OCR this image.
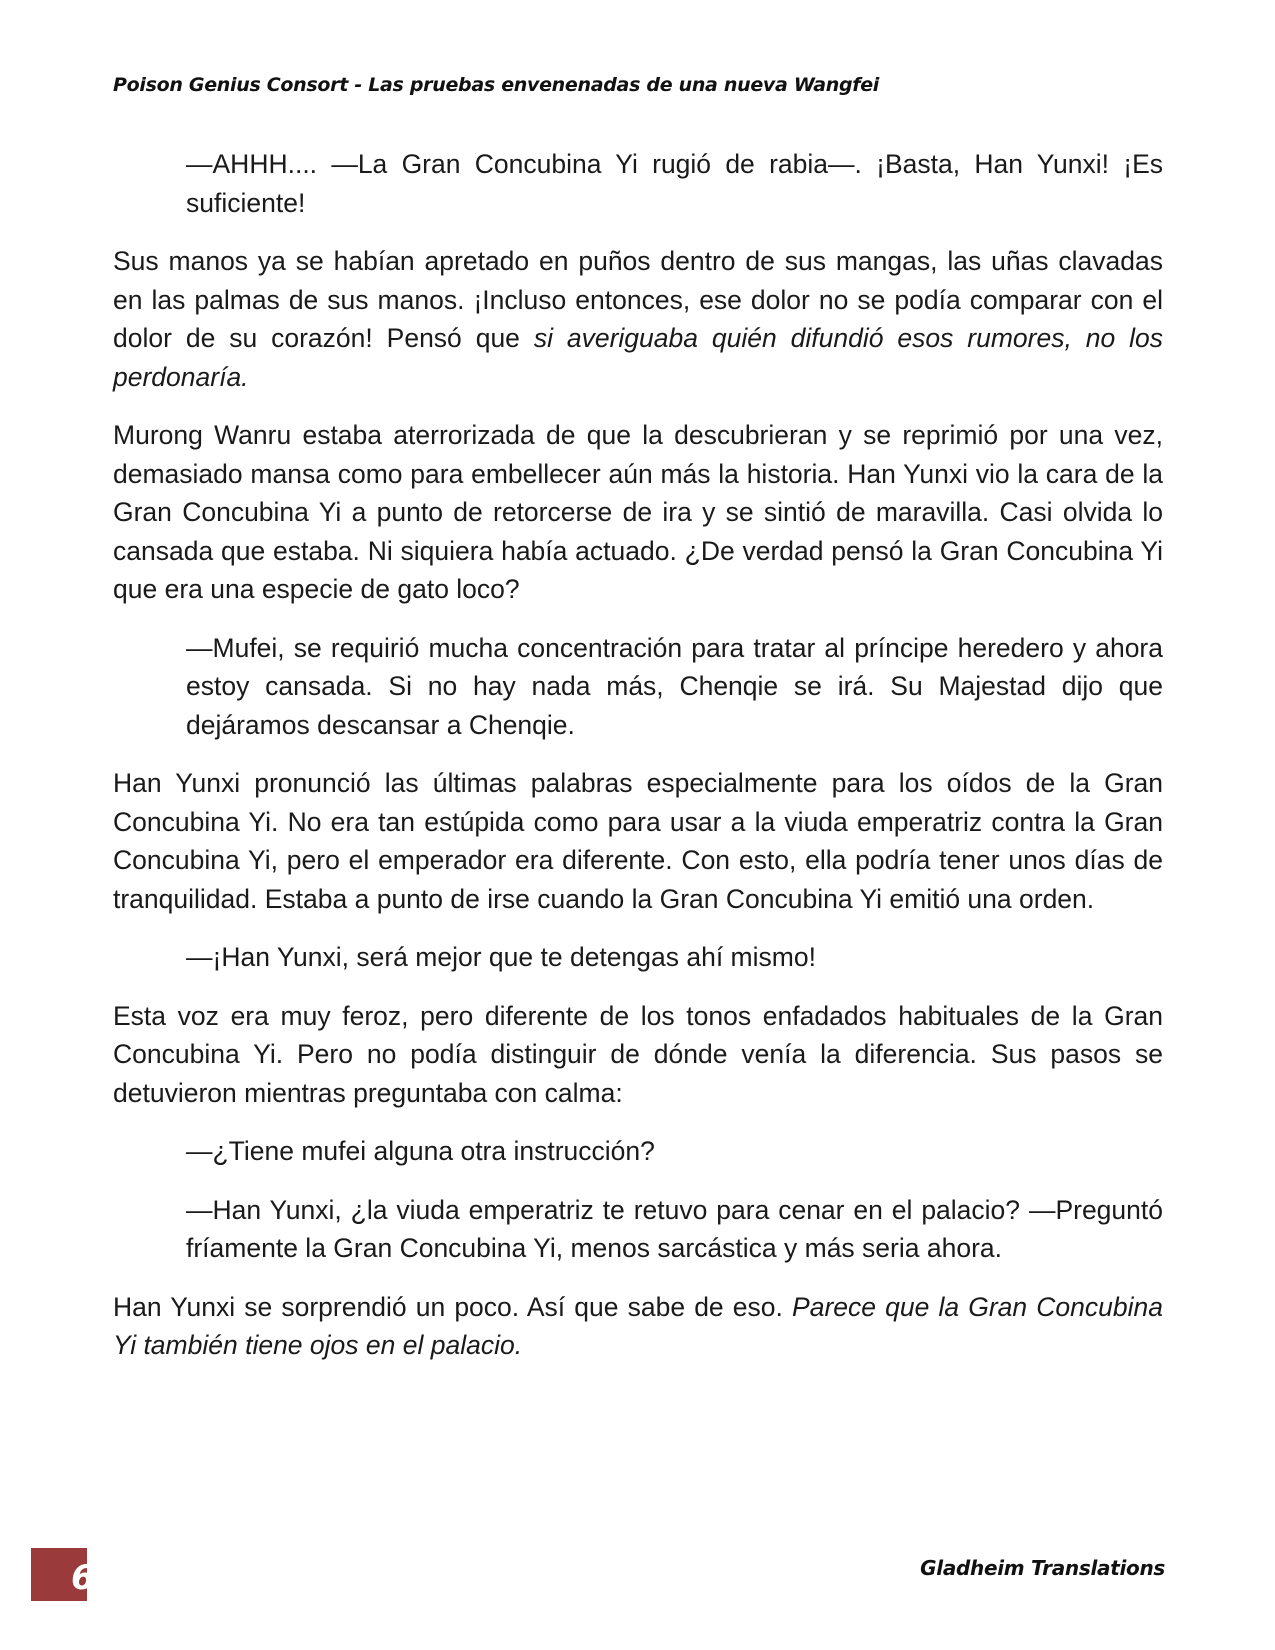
Poison Genius Consort - Las pruebas envenenadas de una nueva Wangfei

—AHHH.... —La Gran Concubina Yi rugió de rabia—. ¡Basta, Han Yunxi! ¡Es suficiente!

Sus manos ya se habían apretado en puños dentro de sus mangas, las uñas clavadas en las palmas de sus manos. ¡Incluso entonces, ese dolor no se podía comparar con el dolor de su corazón! Pensó que si averiguaba quién difundió esos rumores, no los perdonaría.

Murong Wanru estaba aterrorizada de que la descubrieran y se reprimió por una vez, demasiado mansa como para embellecer aún más la historia. Han Yunxi vio la cara de la Gran Concubina Yi a punto de retorcerse de ira y se sintió de maravilla. Casi olvida lo cansada que estaba. Ni siquiera había actuado. ¿De verdad pensó la Gran Concubina Yi que era una especie de gato loco?

—Mufei, se requirió mucha concentración para tratar al príncipe heredero y ahora estoy cansada. Si no hay nada más, Chenqie se irá. Su Majestad dijo que dejáramos descansar a Chenqie.

Han Yunxi pronunció las últimas palabras especialmente para los oídos de la Gran Concubina Yi. No era tan estúpida como para usar a la viuda emperatriz contra la Gran Concubina Yi, pero el emperador era diferente. Con esto, ella podría tener unos días de tranquilidad. Estaba a punto de irse cuando la Gran Concubina Yi emitió una orden.

—¡Han Yunxi, será mejor que te detengas ahí mismo!

Esta voz era muy feroz, pero diferente de los tonos enfadados habituales de la Gran Concubina Yi. Pero no podía distinguir de dónde venía la diferencia. Sus pasos se detuvieron mientras preguntaba con calma:

—¿Tiene mufei alguna otra instrucción?

—Han Yunxi, ¿la viuda emperatriz te retuvo para cenar en el palacio? —Preguntó fríamente la Gran Concubina Yi, menos sarcástica y más seria ahora.

Han Yunxi se sorprendió un poco. Así que sabe de eso. Parece que la Gran Concubina Yi también tiene ojos en el palacio.

6	Gladheim Translations
